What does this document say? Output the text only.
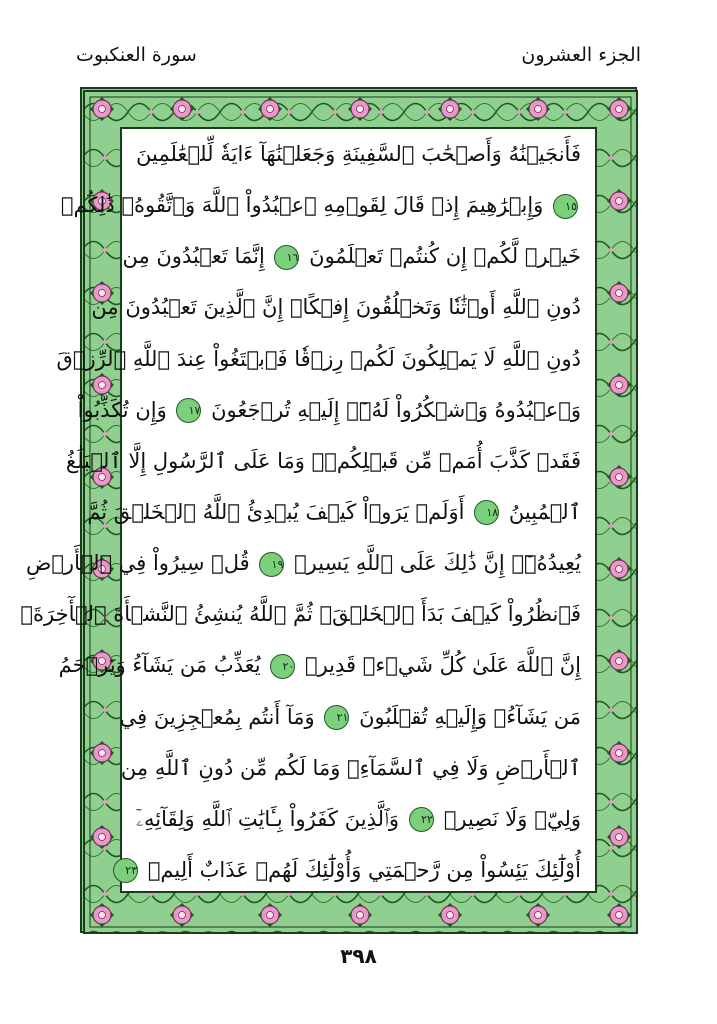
سورة العنكبوت	الجزء العشرون
فَأَنجَيۡنَٰهُ وَأَصۡحَٰبَ ٱلسَّفِينَةِ وَجَعَلۡنَٰهَآ ءَايَةٗ لِّلۡعَٰلَمِينَ
١٥ وَإِبۡرَٰهِيمَ إِذۡ قَالَ لِقَوۡمِهِ ٱعۡبُدُواْ ٱللَّهَ وَٱتَّقُوهُۖ ذَٰلِكُمۡ
خَيۡرٞ لَّكُمۡ إِن كُنتُمۡ تَعۡلَمُونَ ١٦ إِنَّمَا تَعۡبُدُونَ مِن
دُونِ ٱللَّهِ أَوۡثَٰنٗا وَتَخۡلُقُونَ إِفۡكًاۚ إِنَّ ٱلَّذِينَ تَعۡبُدُونَ مِن
دُونِ ٱللَّهِ لَا يَمۡلِكُونَ لَكُمۡ رِزۡقٗا فَٱبۡتَغُواْ عِندَ ٱللَّهِ ٱلرِّزۡقَ
وَٱعۡبُدُوهُ وَٱشۡكُرُواْ لَهُۥٓۖ إِلَيۡهِ تُرۡجَعُونَ ١٧ وَإِن تُكَذِّبُواْ
فَقَدۡ كَذَّبَ أُمَمٞ مِّن قَبۡلِكُمۡۖ وَمَا عَلَى ٱلرَّسُولِ إِلَّا ٱلۡبَلَٰغُ
ٱلۡمُبِينُ ١٨ أَوَلَمۡ يَرَوۡاْ كَيۡفَ يُبۡدِئُ ٱللَّهُ ٱلۡخَلۡقَ ثُمَّ
يُعِيدُهُۥٓۚ إِنَّ ذَٰلِكَ عَلَى ٱللَّهِ يَسِيرٞ ١٩ قُلۡ سِيرُواْ فِي ٱلۡأَرۡضِ
فَٱنظُرُواْ كَيۡفَ بَدَأَ ٱلۡخَلۡقَۚ ثُمَّ ٱللَّهُ يُنشِئُ ٱلنَّشۡأَةَ ٱلۡأٓخِرَةَۚ
إِنَّ ٱللَّهَ عَلَىٰ كُلِّ شَيۡءٖ قَدِيرٞ ٢٠ يُعَذِّبُ مَن يَشَآءُ وَيَرۡحَمُ
مَن يَشَآءُۖ وَإِلَيۡهِ تُقۡلَبُونَ ٢١ وَمَآ أَنتُم بِمُعۡجِزِينَ فِي
ٱلۡأَرۡضِ وَلَا فِي ٱلسَّمَآءِۖ وَمَا لَكُم مِّن دُونِ ٱللَّهِ مِن
وَلِيّٖ وَلَا نَصِيرٖ ٢٢ وَٱلَّذِينَ كَفَرُواْ بِـَٔايَٰتِ ٱللَّهِ وَلِقَآئِهِۦٓ
أُوْلَٰٓئِكَ يَئِسُواْ مِن رَّحۡمَتِي وَأُوْلَٰٓئِكَ لَهُمۡ عَذَابٌ أَلِيمٞ ٢٣
٣٩٨
